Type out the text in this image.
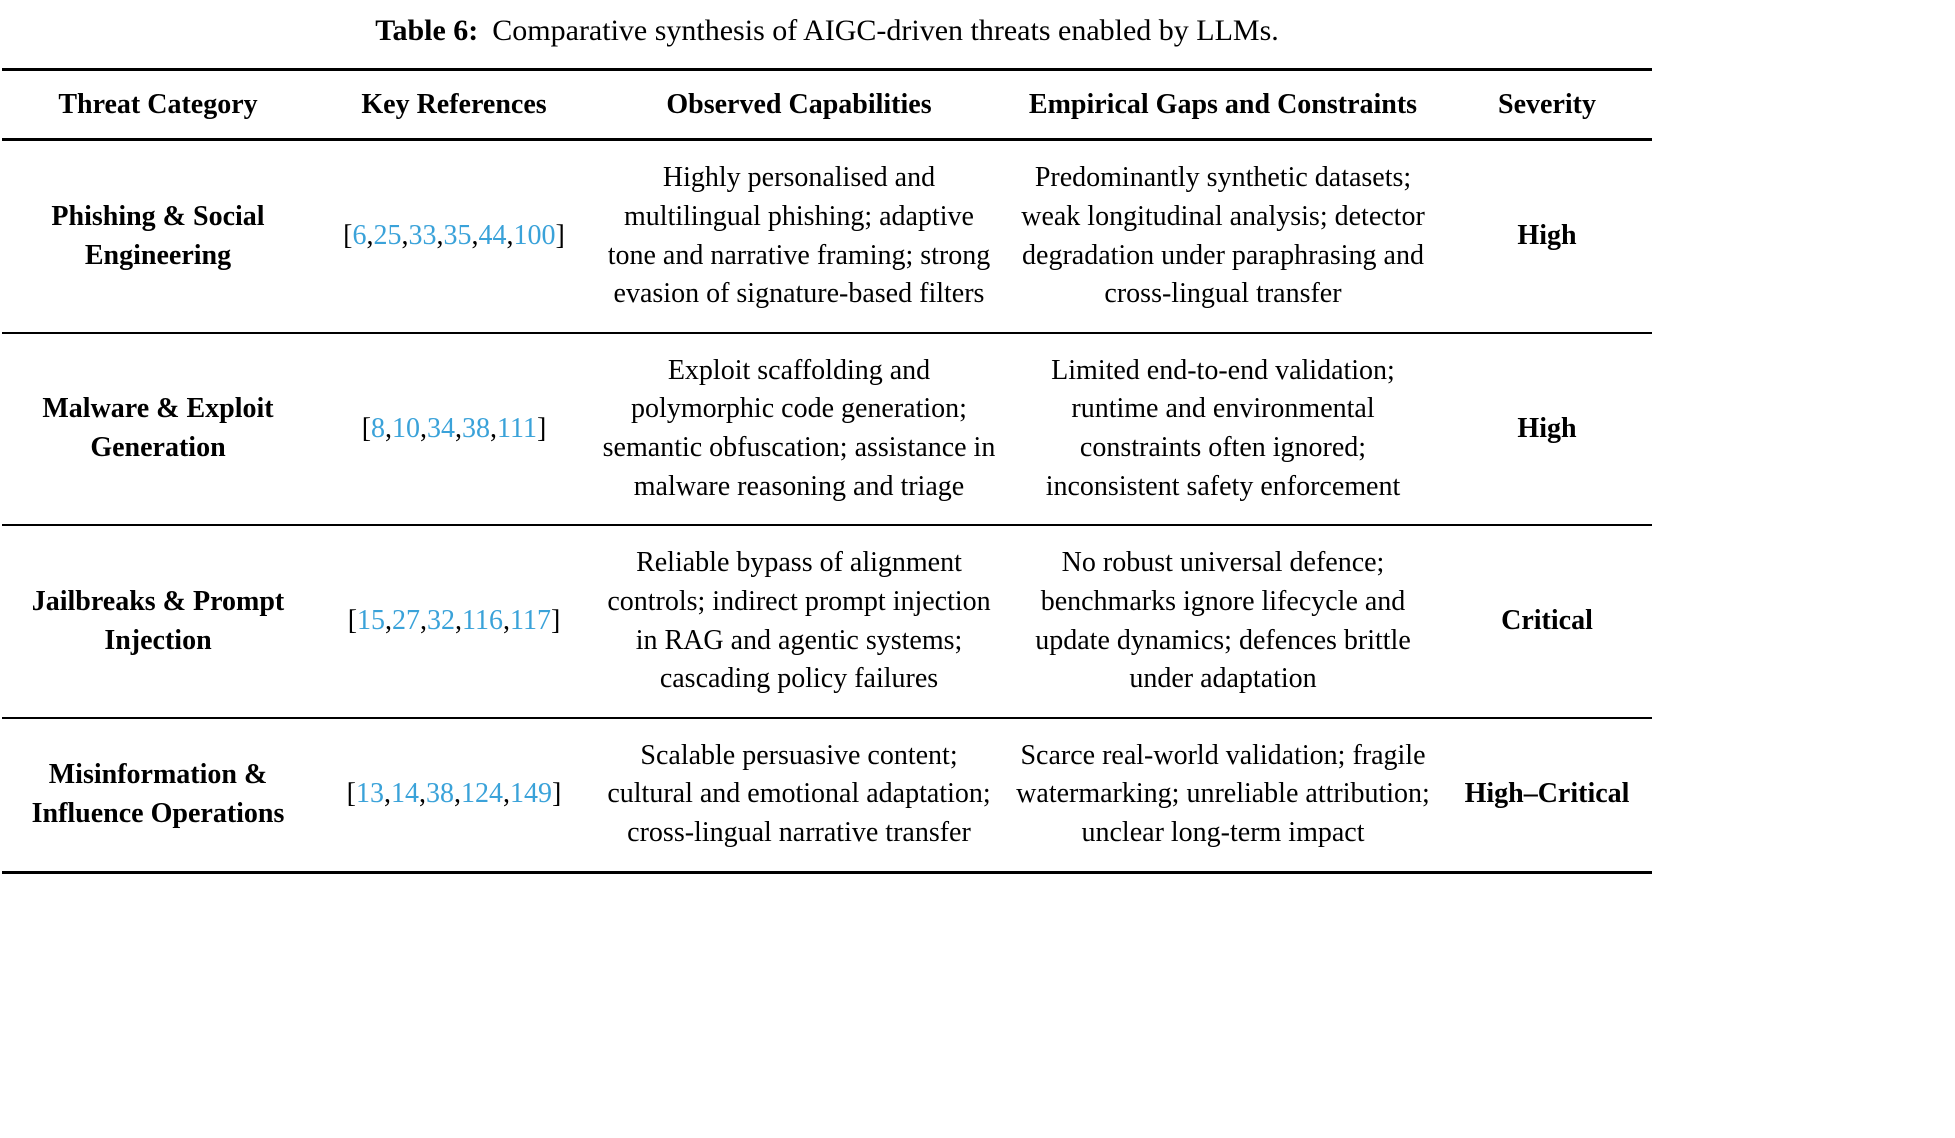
Table 6: Comparative synthesis of AIGC-driven threats enabled by LLMs.
Threat Category	Key References	Observed Capabilities	Empirical Gaps and Constraints	Severity
Phishing & Social Engineering	[6,25,33,35,44,100]	Highly personalised and multilingual phishing; adaptive tone and narrative framing; strong evasion of signature-based filters	Predominantly synthetic datasets; weak longitudinal analysis; detector degradation under paraphrasing and cross-lingual transfer	High
Malware & Exploit Generation	[8,10,34,38,111]	Exploit scaffolding and polymorphic code generation; semantic obfuscation; assistance in malware reasoning and triage	Limited end-to-end validation; runtime and environmental constraints often ignored; inconsistent safety enforcement	High
Jailbreaks & Prompt Injection	[15,27,32,116,117]	Reliable bypass of alignment controls; indirect prompt injection in RAG and agentic systems; cascading policy failures	No robust universal defence; benchmarks ignore lifecycle and update dynamics; defences brittle under adaptation	Critical
Misinformation & Influence Operations	[13,14,38,124,149]	Scalable persuasive content; cultural and emotional adaptation; cross-lingual narrative transfer	Scarce real-world validation; fragile watermarking; unreliable attribution; unclear long-term impact	High–Critical
